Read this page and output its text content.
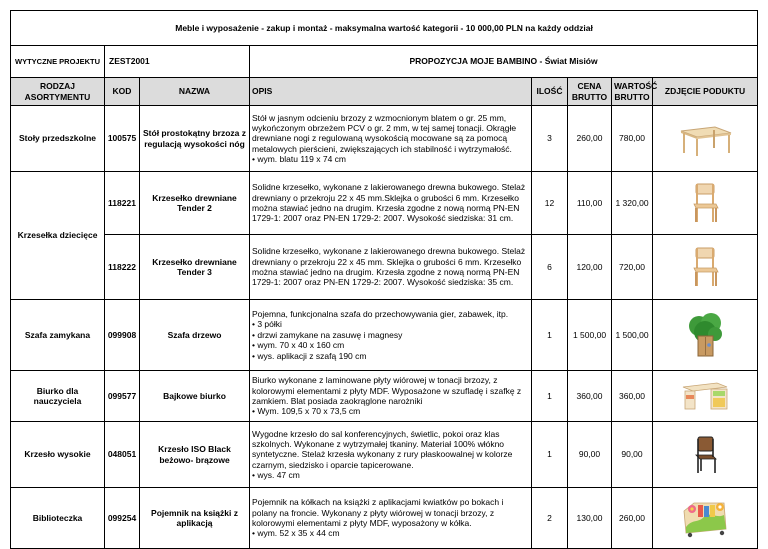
Meble i wyposażenie - zakup i montaż - maksymalna wartość kategorii - 10 000,00 PLN na każdy oddział							
WYTYCZNE PROJEKTU	ZEST2001		PROPOZYCJA MOJE BAMBINO - Świat Misiów				
RODZAJ ASORTYMENTU	KOD	NAZWA	OPIS	ILOŚĆ	CENA BRUTTO	WARTOŚĆ BRUTTO	ZDJĘCIE PODUKTU
Stoły przedszkolne	100575	Stół prostokątny brzoza z regulacją wysokości nóg	Stół w jasnym odcieniu brzozy z wzmocnionym blatem o gr. 25 mm, wykończonym obrzeżem PCV o gr. 2 mm, w tej samej tonacji. Okrągłe drewniane nogi z regulowaną wysokością mocowane są za pomocą metalowych pierścieni, zwiększających ich stabilność i wytrzymałość.
• wym. blatu 119 x 74 cm	3	260,00	780,00	

Krzesełka dziecięce	118221	Krzesełko drewniane Tender 2	Solidne krzesełko, wykonane z lakierowanego drewna bukowego. Stelaż drewniany o przekroju 22 x 45 mm.Sklejka o grubości 6 mm. Krzesełko można stawiać jedno na drugim. Krzesła zgodne z nową normą PN-EN 1729-1: 2007 oraz PN-EN 1729-2: 2007. Wysokość siedziska: 31 cm.	12	110,00	1 320,00	

	118222	Krzesełko drewniane Tender 3	Solidne krzesełko, wykonane z lakierowanego drewna bukowego. Stelaż drewniany o przekroju 22 x 45 mm. Sklejka o grubości 6 mm. Krzesełko można stawiać jedno na drugim. Krzesła zgodne z nową normą PN-EN 1729-1: 2007 oraz PN-EN 1729-2: 2007. Wysokość siedziska: 35 cm.	6	120,00	720,00	

Szafa zamykana	099908	Szafa drzewo	Pojemna, funkcjonalna szafa do przechowywania gier, zabawek, itp.
• 3 półki
• drzwi zamykane na zasuwę i magnesy
• wym. 70 x 40 x 160 cm
• wys. aplikacji z szafą 190 cm	1	1 500,00	1 500,00	

Biurko dla nauczyciela	099577	Bajkowe biurko	Biurko wykonane z laminowane płyty wiórowej w tonacji brzozy, z kolorowymi elementami z płyty MDF. Wyposażone w szufladę i szafkę z zamkiem. Blat posiada zaokrąglone narożniki
• Wym. 109,5 x 70 x 73,5 cm	1	360,00	360,00	

Krzesło wysokie	048051	Krzesło ISO Black beżowo- brązowe	Wygodne krzesło do sal konferencyjnych, świetlic, pokoi oraz klas szkolnych. Wykonane z wytrzymałej tkaniny. Materiał 100% włókno syntetyczne. Stelaż krzesła wykonany z rury płaskoowalnej w kolorze czarnym, siedzisko i oparcie tapicerowane.
• wys. 47 cm	1	90,00	90,00	

Biblioteczka	099254	Pojemnik na książki z aplikacją	Pojemnik na kółkach na książki z aplikacjami kwiatków po bokach i polany na froncie. Wykonany z płyty wiórowej w tonacji brzozy, z kolorowymi elementami z płyty MDF, wyposażony w kółka.
• wym. 52 x 35 x 44 cm	2	130,00	260,00	
